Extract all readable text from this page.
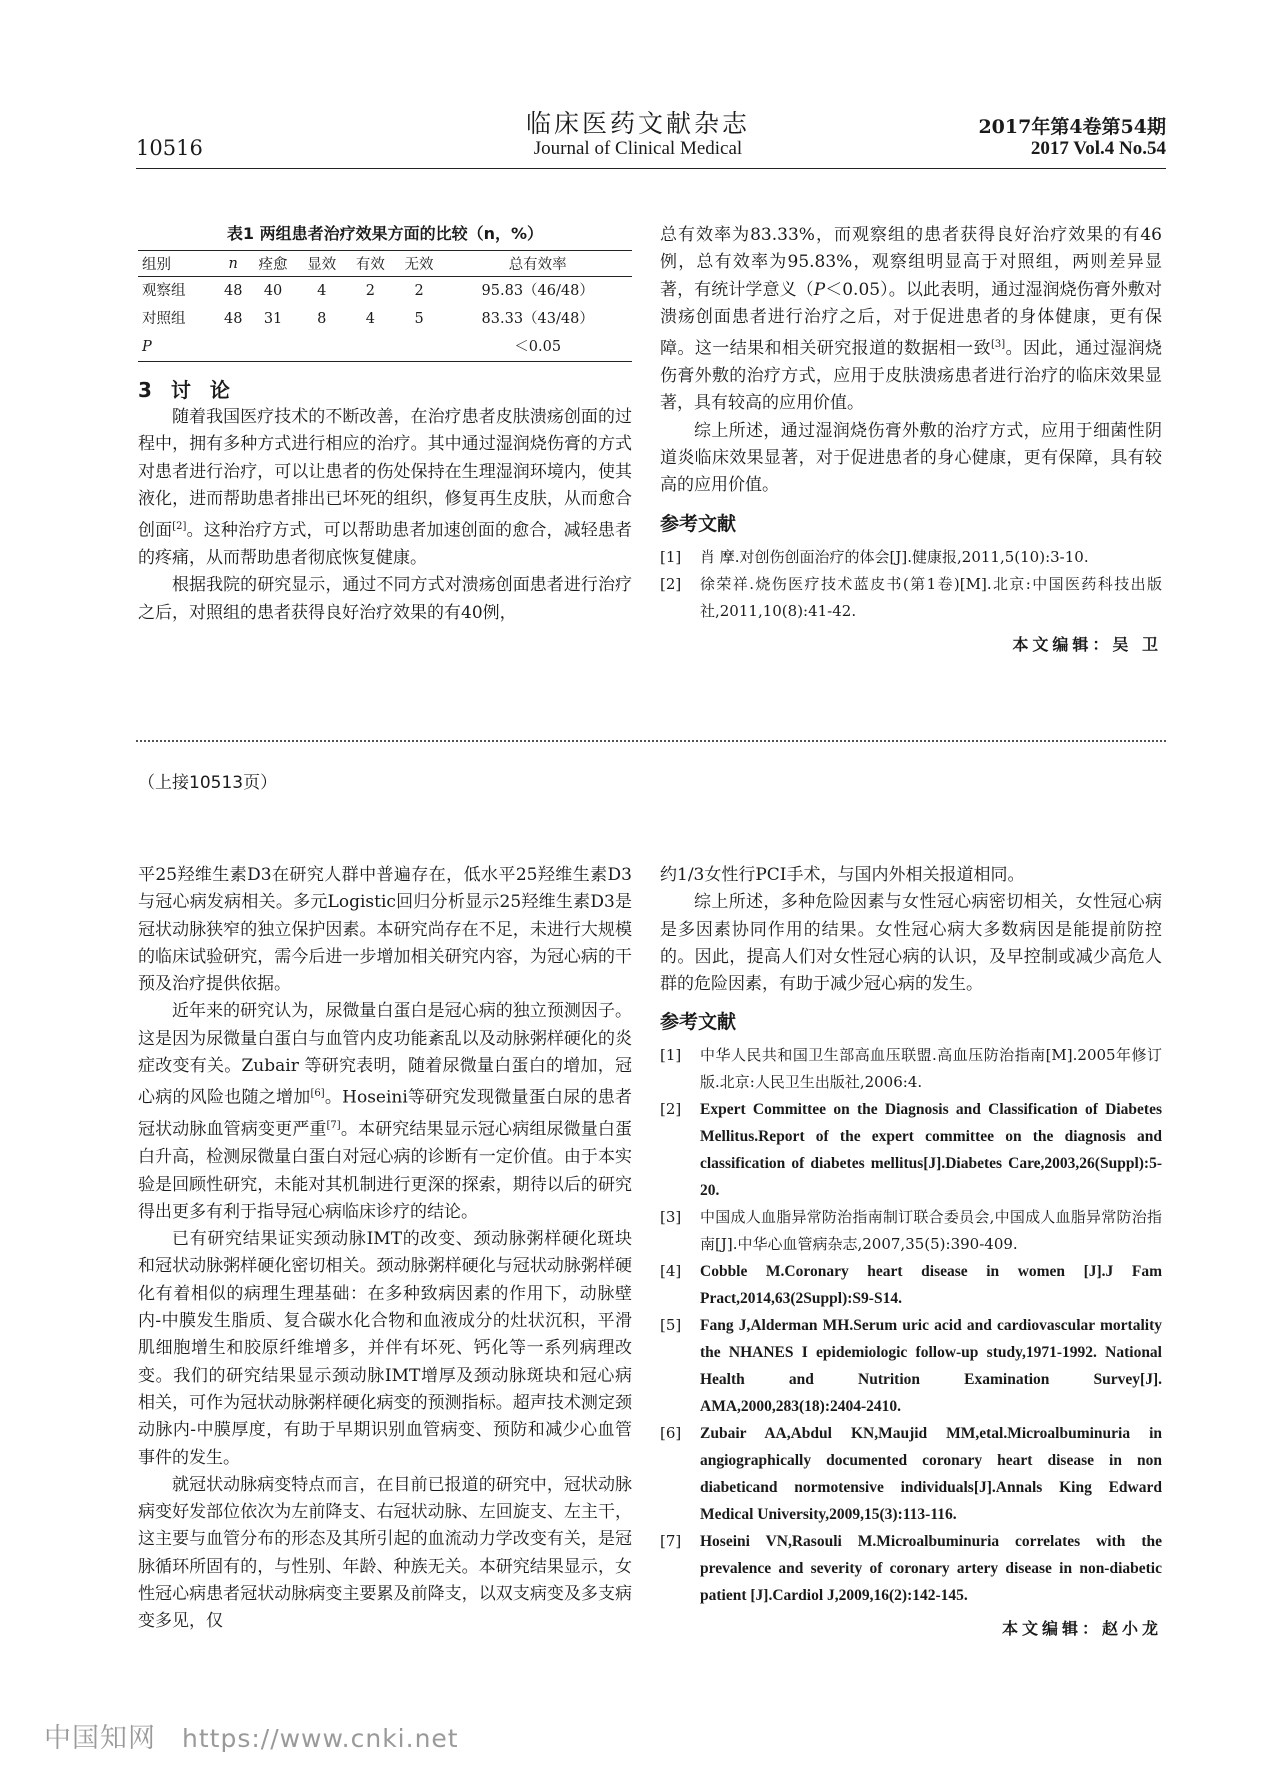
10516
临床医药文献杂志
Journal of Clinical Medical
2017年第4卷第54期
2017 Vol.4 No.54
表1 两组患者治疗效果方面的比较（n，%）
组别	n	痊愈	显效	有效	无效	总有效率
观察组	48	40	4	2	2	95.83（46/48）
对照组	48	31	8	4	5	83.33（43/48）
P						＜0.05
3 讨 论

随着我国医疗技术的不断改善，在治疗患者皮肤溃疡创面的过程中，拥有多种方式进行相应的治疗。其中通过湿润烧伤膏的方式对患者进行治疗，可以让患者的伤处保持在生理湿润环境内，使其液化，进而帮助患者排出已坏死的组织，修复再生皮肤，从而愈合创面[2]。这种治疗方式，可以帮助患者加速创面的愈合，减轻患者的疼痛，从而帮助患者彻底恢复健康。

根据我院的研究显示，通过不同方式对溃疡创面患者进行治疗之后，对照组的患者获得良好治疗效果的有40例，

总有效率为83.33%，而观察组的患者获得良好治疗效果的有46例，总有效率为95.83%，观察组明显高于对照组，两则差异显著，有统计学意义（P＜0.05）。以此表明，通过湿润烧伤膏外敷对溃疡创面患者进行治疗之后，对于促进患者的身体健康，更有保障。这一结果和相关研究报道的数据相一致[3]。因此，通过湿润烧伤膏外敷的治疗方式，应用于皮肤溃疡患者进行治疗的临床效果显著，具有较高的应用价值。

综上所述，通过湿润烧伤膏外敷的治疗方式，应用于细菌性阴道炎临床效果显著，对于促进患者的身心健康，更有保障，具有较高的应用价值。

参考文献
[1]	肖 摩.对创伤创面治疗的体会[J].健康报,2011,5(10):3-10.
[2]	徐荣祥.烧伤医疗技术蓝皮书(第1卷)[M].北京:中国医药科技出版社,2011,10(8):41-42.
本文编辑：吴 卫
（上接10513页）

平25羟维生素D3在研究人群中普遍存在，低水平25羟维生素D3与冠心病发病相关。多元Logistic回归分析显示25羟维生素D3是冠状动脉狭窄的独立保护因素。本研究尚存在不足，未进行大规模的临床试验研究，需今后进一步增加相关研究内容，为冠心病的干预及治疗提供依据。

近年来的研究认为，尿微量白蛋白是冠心病的独立预测因子。这是因为尿微量白蛋白与血管内皮功能紊乱以及动脉粥样硬化的炎症改变有关。Zubair 等研究表明，随着尿微量白蛋白的增加，冠心病的风险也随之增加[6]。Hoseini等研究发现微量蛋白尿的患者冠状动脉血管病变更严重[7]。本研究结果显示冠心病组尿微量白蛋白升高，检测尿微量白蛋白对冠心病的诊断有一定价值。由于本实验是回顾性研究，未能对其机制进行更深的探索，期待以后的研究得出更多有利于指导冠心病临床诊疗的结论。

已有研究结果证实颈动脉IMT的改变、颈动脉粥样硬化斑块和冠状动脉粥样硬化密切相关。颈动脉粥样硬化与冠状动脉粥样硬化有着相似的病理生理基础：在多种致病因素的作用下，动脉壁内-中膜发生脂质、复合碳水化合物和血液成分的灶状沉积，平滑肌细胞增生和胶原纤维增多，并伴有坏死、钙化等一系列病理改变。我们的研究结果显示颈动脉IMT增厚及颈动脉斑块和冠心病相关，可作为冠状动脉粥样硬化病变的预测指标。超声技术测定颈动脉内-中膜厚度，有助于早期识别血管病变、预防和减少心血管事件的发生。

就冠状动脉病变特点而言，在目前已报道的研究中，冠状动脉病变好发部位依次为左前降支、右冠状动脉、左回旋支、左主干，这主要与血管分布的形态及其所引起的血流动力学改变有关，是冠脉循环所固有的，与性别、年龄、种族无关。本研究结果显示，女性冠心病患者冠状动脉病变主要累及前降支，以双支病变及多支病变多见，仅

约1/3女性行PCI手术，与国内外相关报道相同。

综上所述，多种危险因素与女性冠心病密切相关，女性冠心病是多因素协同作用的结果。女性冠心病大多数病因是能提前防控的。因此，提高人们对女性冠心病的认识，及早控制或减少高危人群的危险因素，有助于减少冠心病的发生。

参考文献
[1]	中华人民共和国卫生部高血压联盟.高血压防治指南[M].2005年修订版.北京:人民卫生出版社,2006:4.
[2]	Expert Committee on the Diagnosis and Classification of Diabetes Mellitus.Report of the expert committee on the diagnosis and classification of diabetes mellitus[J].Diabetes Care,2003,26(Suppl):5-20.
[3]	中国成人血脂异常防治指南制订联合委员会,中国成人血脂异常防治指南[J].中华心血管病杂志,2007,35(5):390-409.
[4]	Cobble M.Coronary heart disease in women [J].J Fam Pract,2014,63(2Suppl):S9-S14.
[5]	Fang J,Alderman MH.Serum uric acid and cardiovascular mortality the NHANES I epidemiologic follow-up study,1971-1992. National Health and Nutrition Examination Survey[J]. AMA,2000,283(18):2404-2410.
[6]	Zubair AA,Abdul KN,Maujid MM,etal.Microalbuminuria in angiographically documented coronary heart disease in non diabeticand normotensive individuals[J].Annals King Edward Medical University,2009,15(3):113-116.
[7]	Hoseini VN,Rasouli M.Microalbuminuria correlates with the prevalence and severity of coronary artery disease in non-diabetic patient [J].Cardiol J,2009,16(2):142-145.
本文编辑：赵小龙
中国知网 https://www.cnki.net
